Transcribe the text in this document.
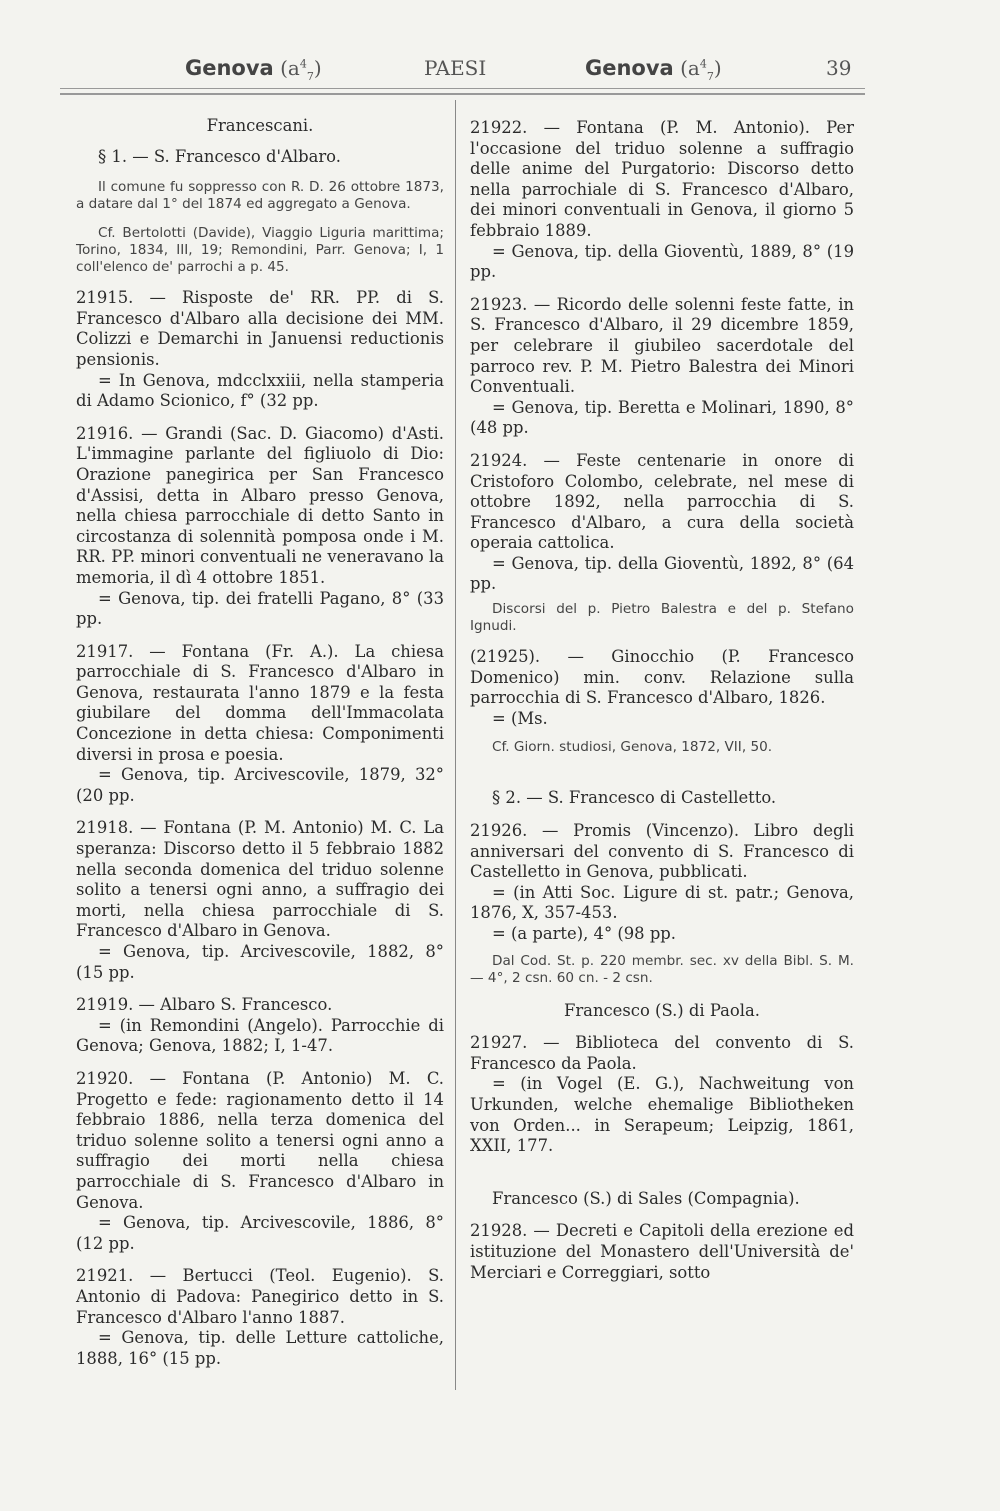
Genova $(a^4_7)$	PAESI	Genova $(a^4_7)$	39

Francescani.

§ 1. — S. Francesco d'Albaro.

Il comune fu soppresso con R. D. 26 ottobre 1873, a datare dal 1° del 1874 ed aggregato a Genova.

Cf. Bertolotti (Davide), Viaggio Liguria marittima; Torino, 1834, III, 19; Remondini, Parr. Genova; I, 1 coll'elenco de' parrochi a p. 45.

21915. — Risposte de' RR. PP. di S. Francesco d'Albaro alla decisione dei MM. Colizzi e Demarchi in Januensi reductionis pensionis.

= In Genova, mdcclxxiii, nella stamperia di Adamo Scionico, f° (32 pp.

21916. — Grandi (Sac. D. Giacomo) d'Asti. L'immagine parlante del figliuolo di Dio: Orazione panegirica per San Francesco d'Assisi, detta in Albaro presso Genova, nella chiesa parrocchiale di detto Santo in circostanza di solennità pomposa onde i M. RR. PP. minori conventuali ne veneravano la memoria, il dì 4 ottobre 1851.

= Genova, tip. dei fratelli Pagano, 8° (33 pp.

21917. — Fontana (Fr. A.). La chiesa parrocchiale di S. Francesco d'Albaro in Genova, restaurata l'anno 1879 e la festa giubilare del domma dell'Immacolata Concezione in detta chiesa: Componimenti diversi in prosa e poesia.

= Genova, tip. Arcivescovile, 1879, 32° (20 pp.

21918. — Fontana (P. M. Antonio) M. C. La speranza: Discorso detto il 5 febbraio 1882 nella seconda domenica del triduo solenne solito a tenersi ogni anno, a suffragio dei morti, nella chiesa parrocchiale di S. Francesco d'Albaro in Genova.

= Genova, tip. Arcivescovile, 1882, 8° (15 pp.

21919. — Albaro S. Francesco.

= (in Remondini (Angelo). Parrocchie di Genova; Genova, 1882; I, 1-47.

21920. — Fontana (P. Antonio) M. C. Progetto e fede: ragionamento detto il 14 febbraio 1886, nella terza domenica del triduo solenne solito a tenersi ogni anno a suffragio dei morti nella chiesa parrocchiale di S. Francesco d'Albaro in Genova.

= Genova, tip. Arcivescovile, 1886, 8° (12 pp.

21921. — Bertucci (Teol. Eugenio). S. Antonio di Padova: Panegirico detto in S. Francesco d'Albaro l'anno 1887.

= Genova, tip. delle Letture cattoliche, 1888, 16° (15 pp.

21922. — Fontana (P. M. Antonio). Per l'occasione del triduo solenne a suffragio delle anime del Purgatorio: Discorso detto nella parrochiale di S. Francesco d'Albaro, dei minori conventuali in Genova, il giorno 5 febbraio 1889.

= Genova, tip. della Gioventù, 1889, 8° (19 pp.

21923. — Ricordo delle solenni feste fatte, in S. Francesco d'Albaro, il 29 dicembre 1859, per celebrare il giubileo sacerdotale del parroco rev. P. M. Pietro Balestra dei Minori Conventuali.

= Genova, tip. Beretta e Molinari, 1890, 8° (48 pp.

21924. — Feste centenarie in onore di Cristoforo Colombo, celebrate, nel mese di ottobre 1892, nella parrocchia di S. Francesco d'Albaro, a cura della società operaia cattolica.

= Genova, tip. della Gioventù, 1892, 8° (64 pp.

Discorsi del p. Pietro Balestra e del p. Stefano Ignudi.

(21925). — Ginocchio (P. Francesco Domenico) min. conv. Relazione sulla parrocchia di S. Francesco d'Albaro, 1826.

= (Ms.

Cf. Giorn. studiosi, Genova, 1872, VII, 50.

§ 2. — S. Francesco di Castelletto.

21926. — Promis (Vincenzo). Libro degli anniversari del convento di S. Francesco di Castelletto in Genova, pubblicati.

= (in Atti Soc. Ligure di st. patr.; Genova, 1876, X, 357-453.

= (a parte), 4° (98 pp.

Dal Cod. St. p. 220 membr. sec. xv della Bibl. S. M. — 4°, 2 csn. 60 cn. - 2 csn.

Francesco (S.) di Paola.

21927. — Biblioteca del convento di S. Francesco da Paola.

= (in Vogel (E. G.), Nachweitung von Urkunden, welche ehemalige Bibliotheken von Orden... in Serapeum; Leipzig, 1861, XXII, 177.

Francesco (S.) di Sales (Compagnia).

21928. — Decreti e Capitoli della erezione ed istituzione del Monastero dell'Università de' Merciari e Correggiari, sotto
